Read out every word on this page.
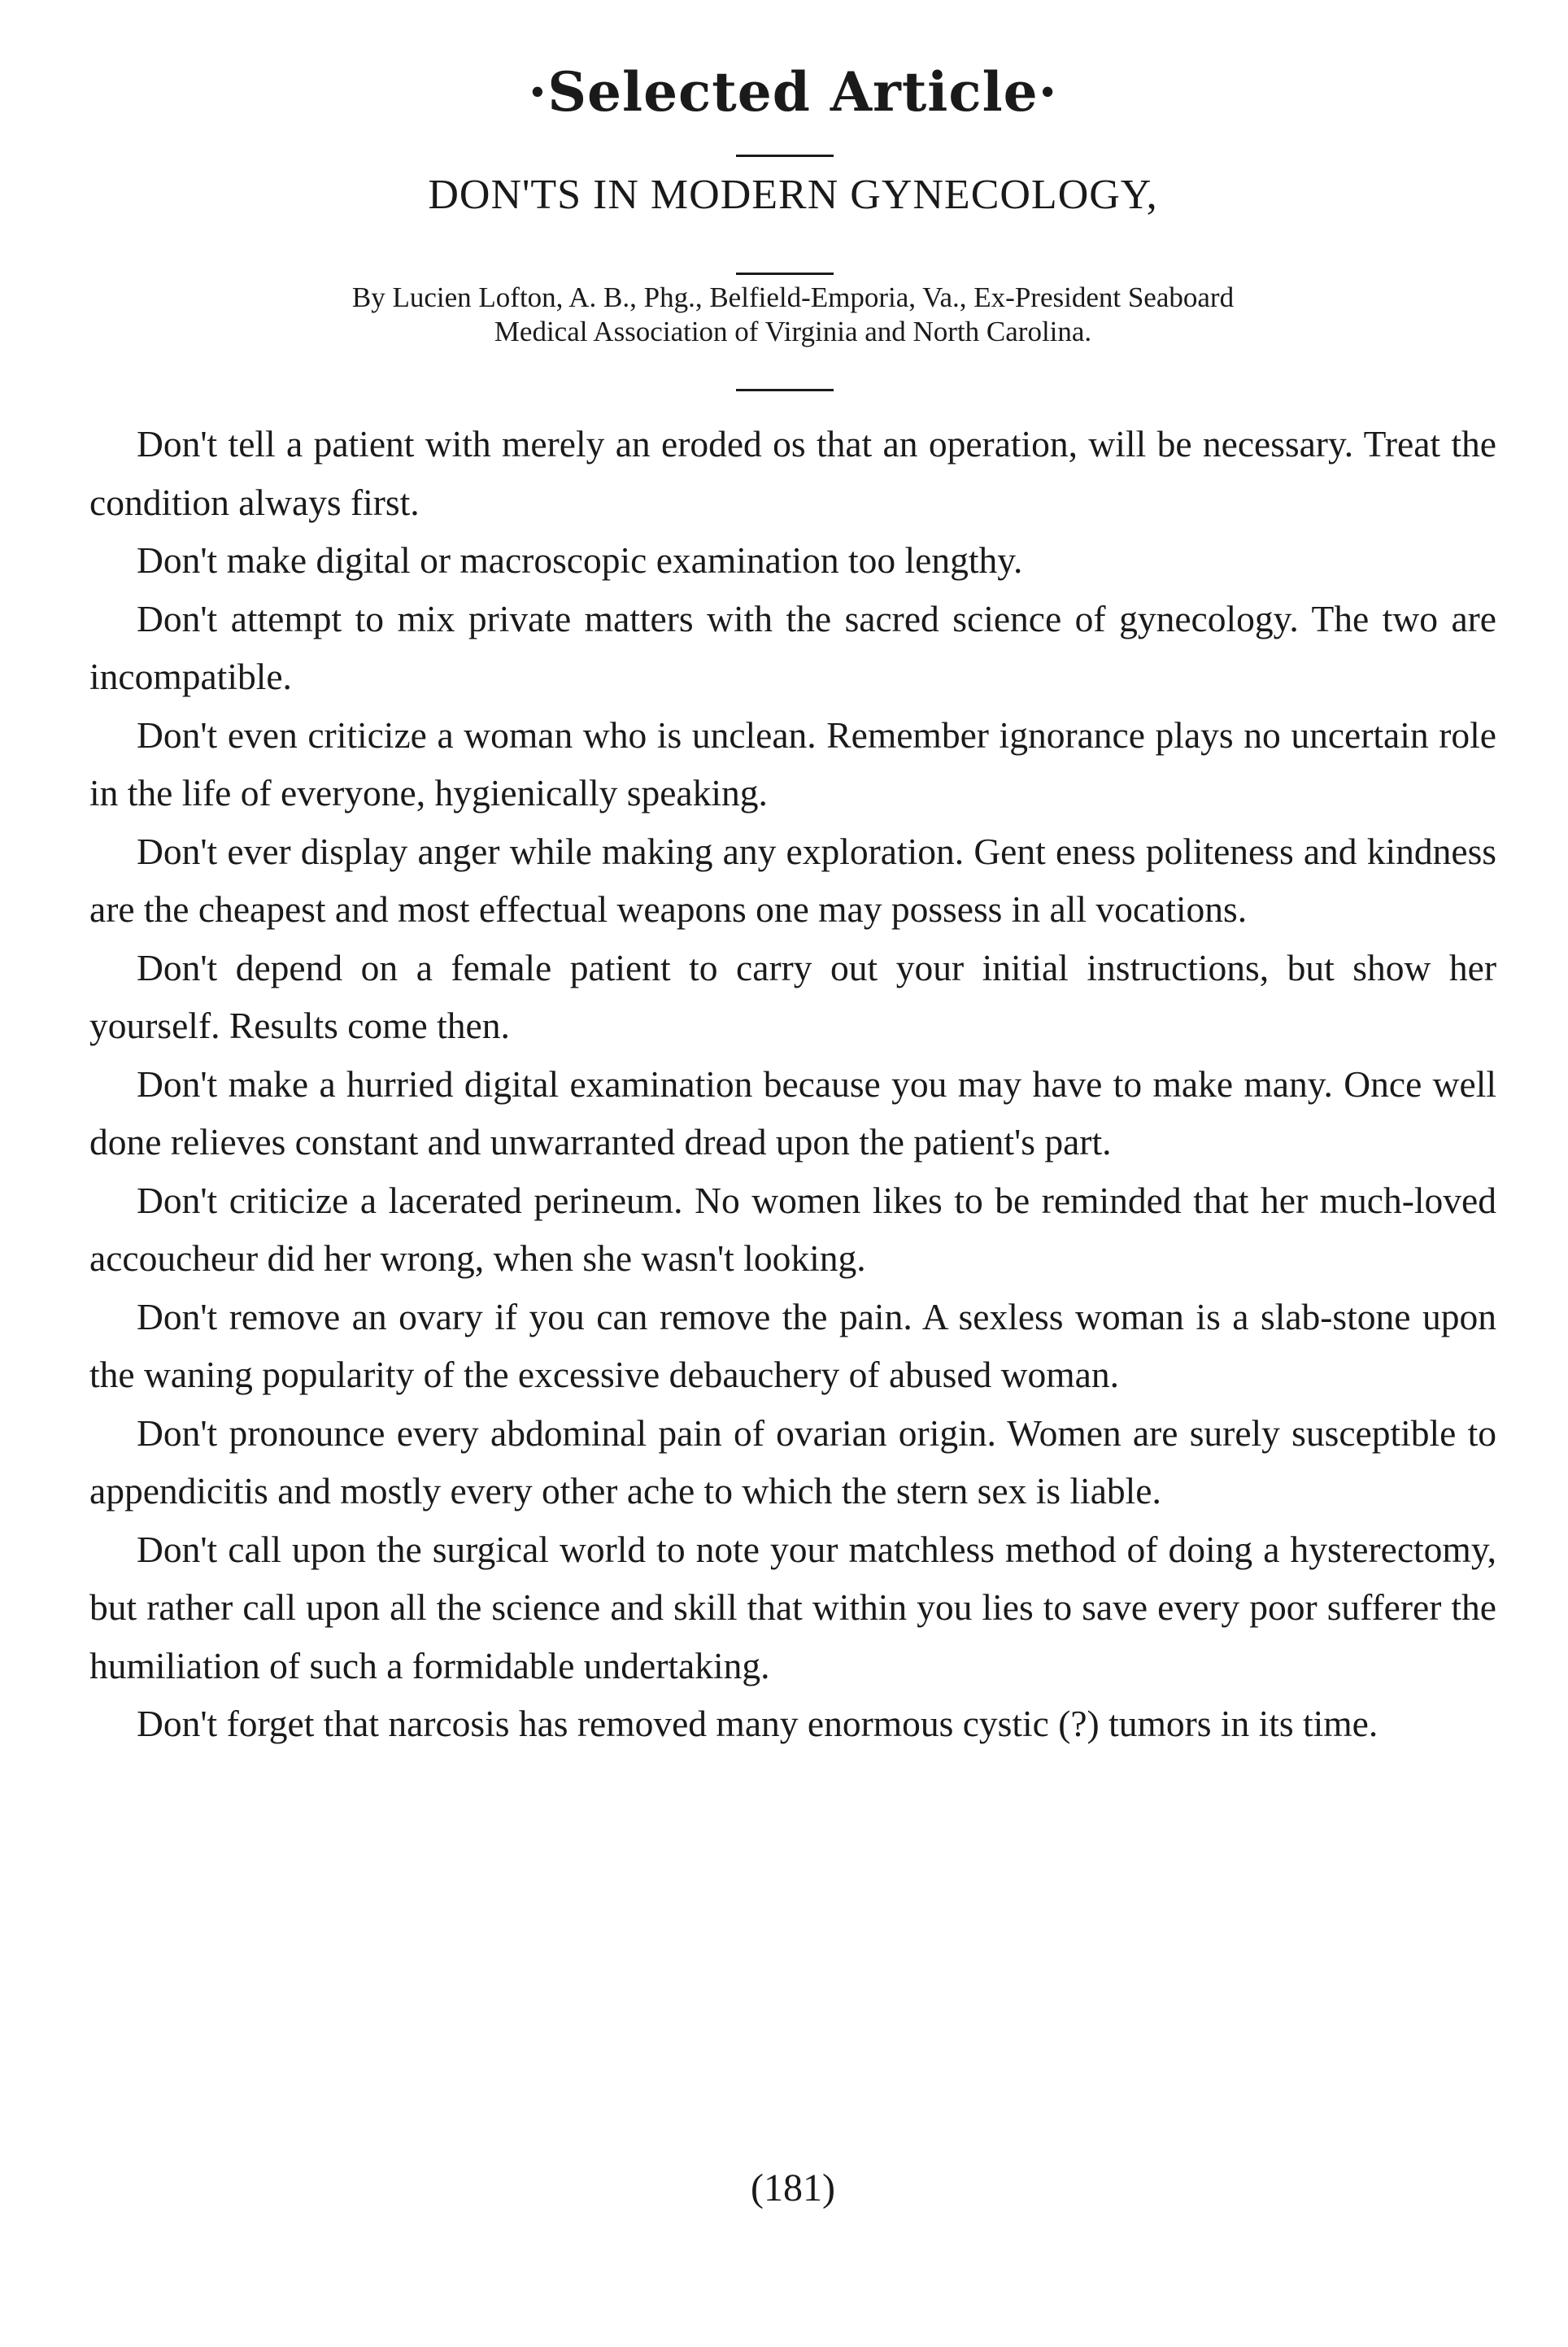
·Selected Article·
DON'TS IN MODERN GYNECOLOGY,
By Lucien Lofton, A. B., Phg., Belfield-Emporia, Va., Ex-President Seaboard
Medical Association of Virginia and North Carolina.

Don't tell a patient with merely an eroded os that an operation, will be necessary. Treat the condition always first.

Don't make digital or macroscopic examination too lengthy.

Don't attempt to mix private matters with the sacred science of gynecology. The two are incompatible.

Don't even criticize a woman who is unclean. Remember ignorance plays no uncertain role in the life of everyone, hygienically speaking.

Don't ever display anger while making any exploration. Gent eness politeness and kindness are the cheapest and most effectual weapons one may possess in all vocations.

Don't depend on a female patient to carry out your initial instructions, but show her yourself. Results come then.

Don't make a hurried digital examination because you may have to make many. Once well done relieves constant and unwarranted dread upon the patient's part.

Don't criticize a lacerated perineum. No women likes to be reminded that her much-loved accoucheur did her wrong, when she wasn't looking.

Don't remove an ovary if you can remove the pain. A sexless woman is a slab-stone upon the waning popularity of the excessive debauchery of abused woman.

Don't pronounce every abdominal pain of ovarian origin. Women are surely susceptible to appendicitis and mostly every other ache to which the stern sex is liable.

Don't call upon the surgical world to note your matchless method of doing a hysterectomy, but rather call upon all the science and skill that within you lies to save every poor sufferer the humiliation of such a formidable undertaking.

Don't forget that narcosis has removed many enormous cystic (?) tumors in its time.

(181)
